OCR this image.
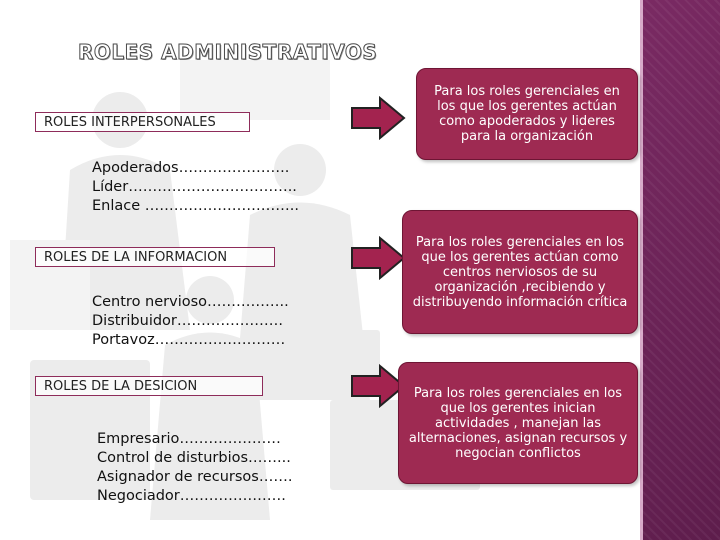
ROLES ADMINISTRATIVOS
ROLES INTERPERSONALES
Apoderados…………………..
Líder……………………………..
Enlace …………………………..
Para los roles gerenciales en los que los gerentes actúan como apoderados y lideres para la organización
ROLES DE LA INFORMACION
Centro nervioso……………..
Distribuidor………………….
Portavoz………………………
Para los roles gerenciales en los que los gerentes actúan como centros nerviosos de su organización ,recibiendo y distribuyendo información crítica
ROLES DE LA DESICION
Empresario…………………
Control de disturbios……...
Asignador de recursos…….
Negociador………………….
Para los roles gerenciales en los que los gerentes inician actividades , manejan las alternaciones, asignan recursos y negocian conflictos
